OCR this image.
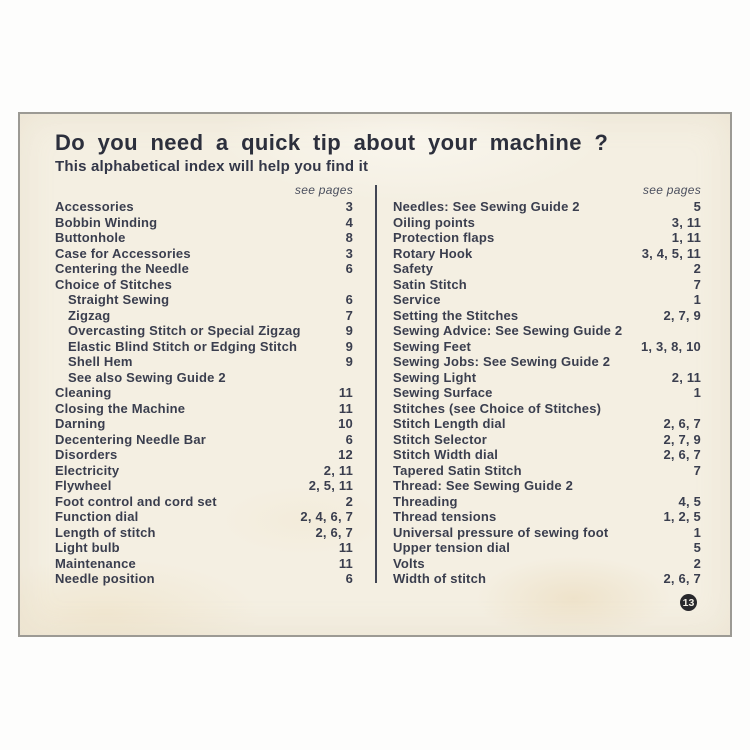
Do you need a quick tip about your machine ?
This alphabetical index will help you find it
see pages
Accessories	3
Bobbin Winding	4
Buttonhole	8
Case for Accessories	3
Centering the Needle	6
Choice of Stitches
Straight Sewing	6
Zigzag	7
Overcasting Stitch or Special Zigzag	9
Elastic Blind Stitch or Edging Stitch	9
Shell Hem	9
See also Sewing Guide 2
Cleaning	11
Closing the Machine	11
Darning	10
Decentering Needle Bar	6
Disorders	12
Electricity	2, 11
Flywheel	2, 5, 11
Foot control and cord set	2
Function dial	2, 4, 6, 7
Length of stitch	2, 6, 7
Light bulb	11
Maintenance	11
Needle position	6
see pages
Needles: See Sewing Guide 2	5
Oiling points	3, 11
Protection flaps	1, 11
Rotary Hook	3, 4, 5, 11
Safety	2
Satin Stitch	7
Service	1
Setting the Stitches	2, 7, 9
Sewing Advice: See Sewing Guide 2
Sewing Feet	1, 3, 8, 10
Sewing Jobs: See Sewing Guide 2
Sewing Light	2, 11
Sewing Surface	1
Stitches (see Choice of Stitches)
Stitch Length dial	2, 6, 7
Stitch Selector	2, 7, 9
Stitch Width dial	2, 6, 7
Tapered Satin Stitch	7
Thread: See Sewing Guide 2
Threading	4, 5
Thread tensions	1, 2, 5
Universal pressure of sewing foot	1
Upper tension dial	5
Volts	2
Width of stitch	2, 6, 7
13
